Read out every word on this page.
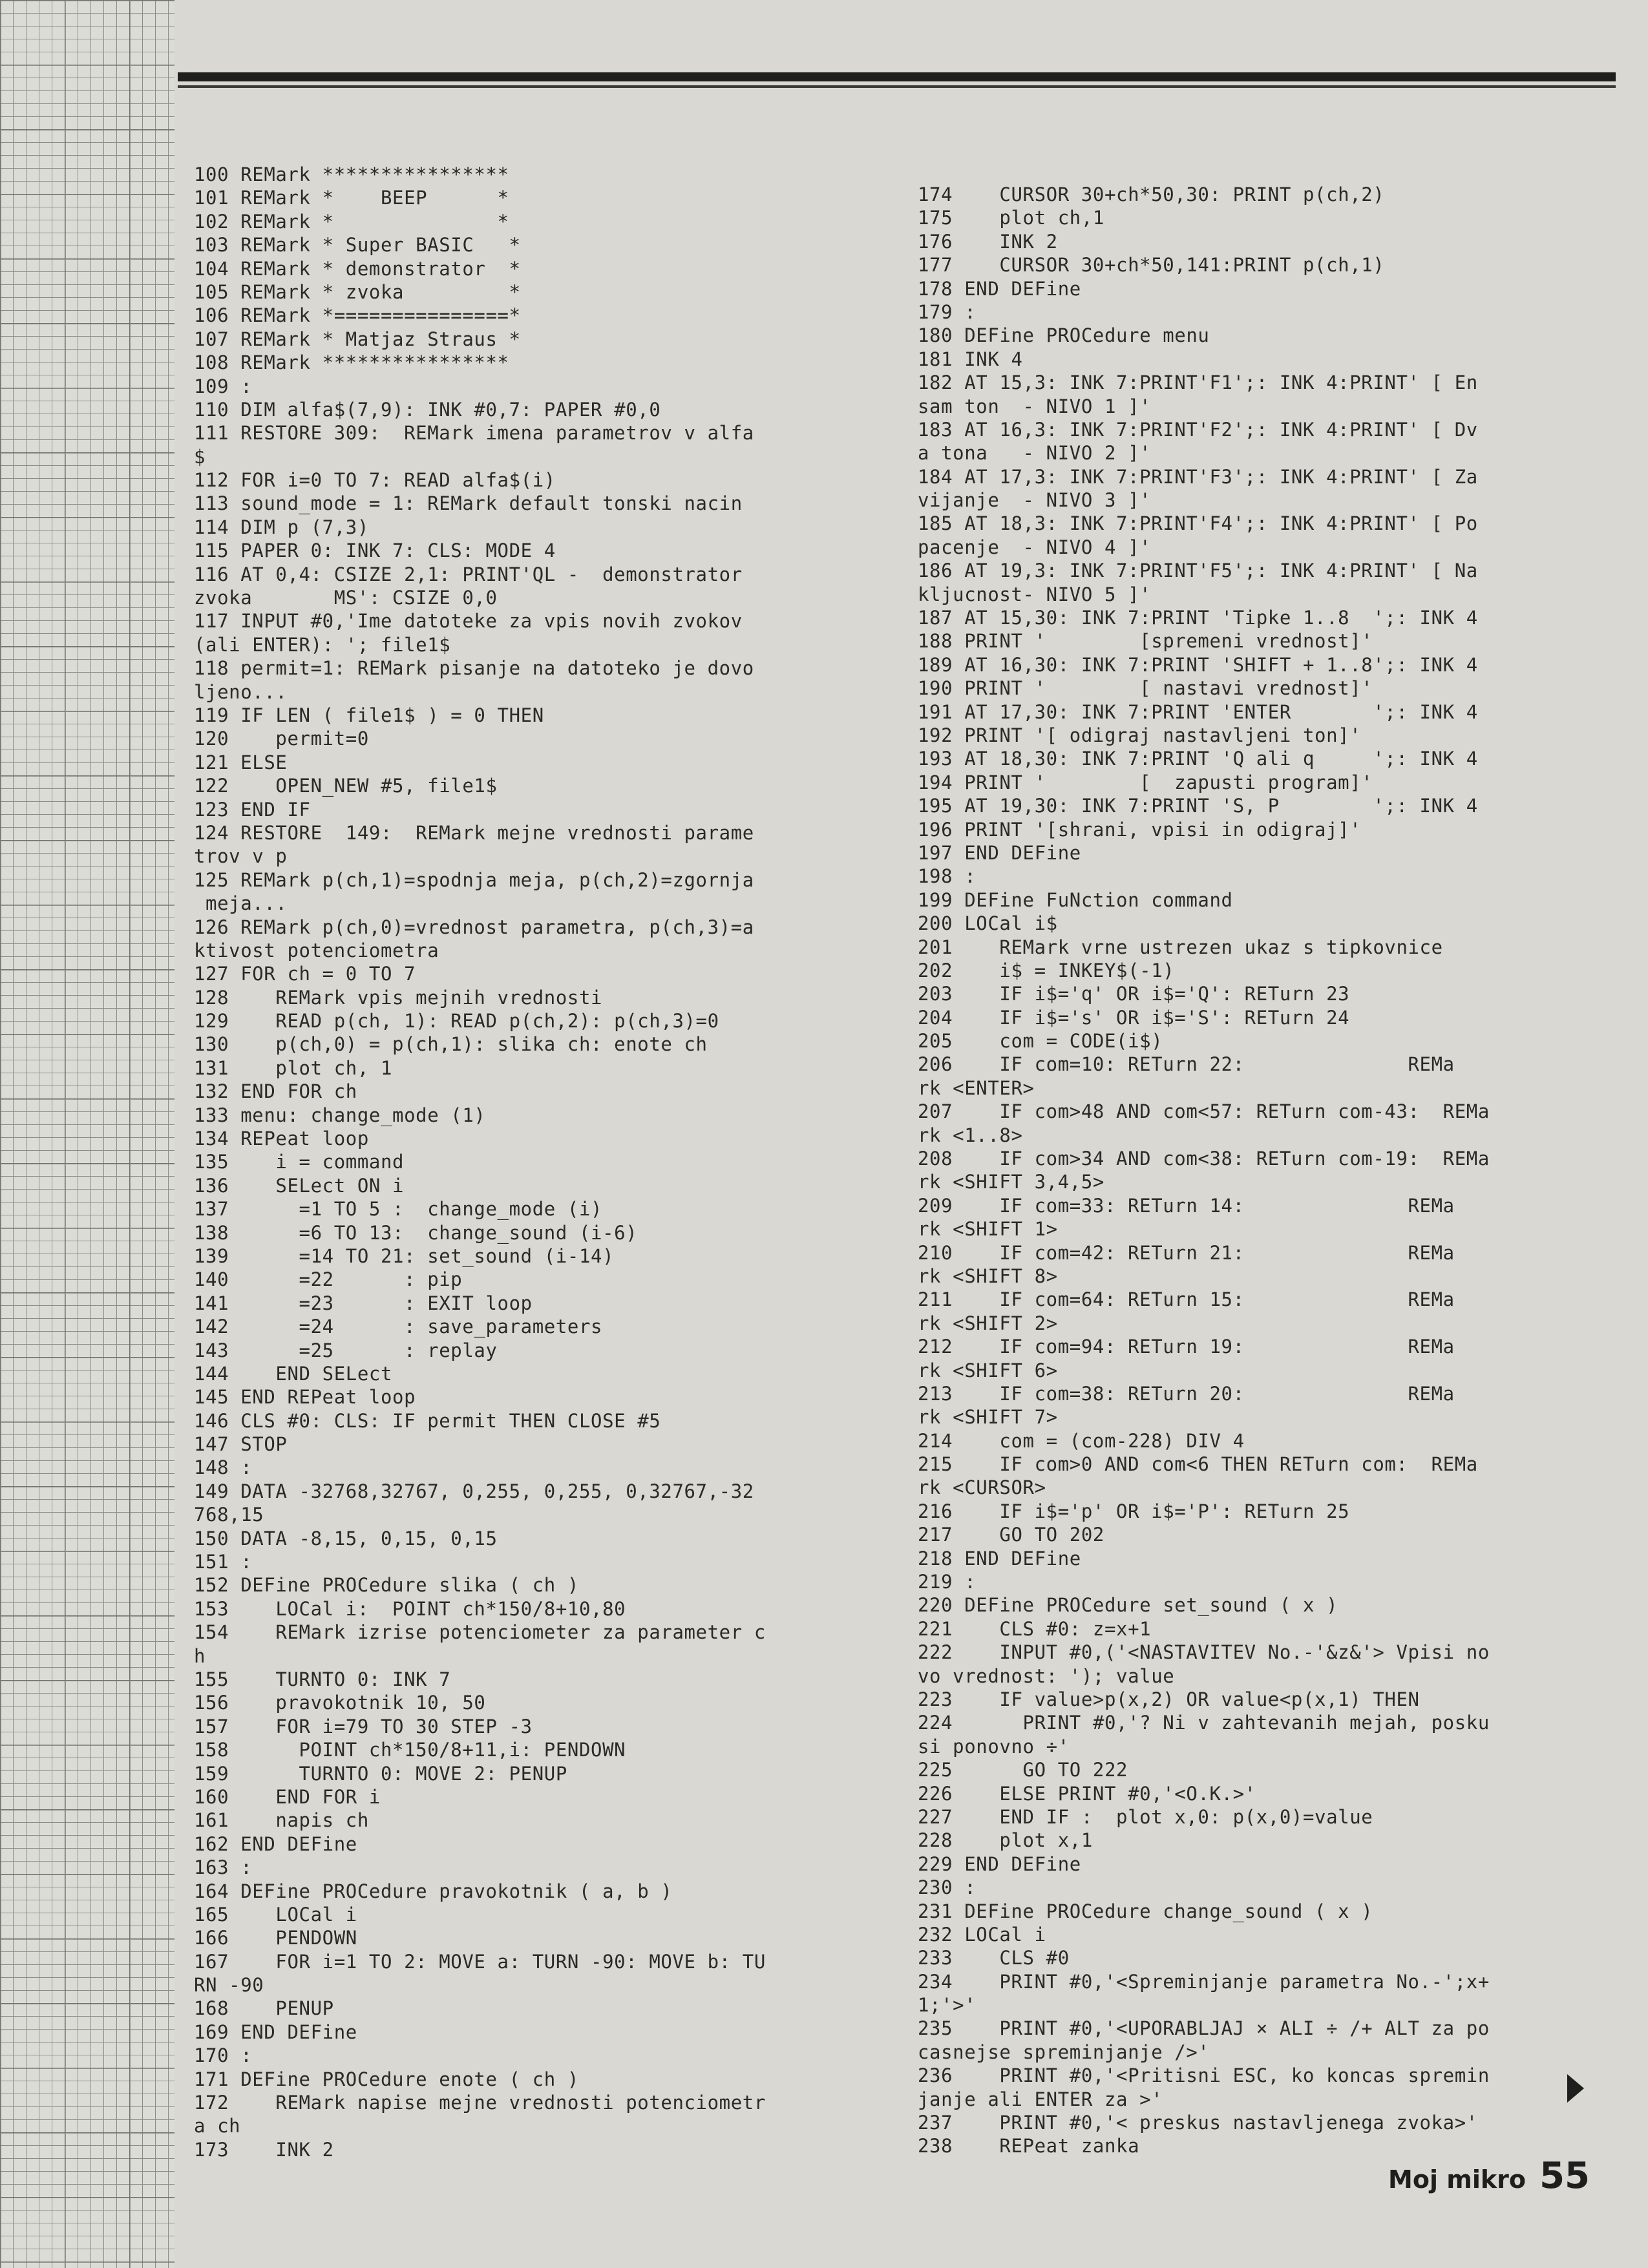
100 REMark ****************
101 REMark *    BEEP      *
102 REMark *              *
103 REMark * Super BASIC   *
104 REMark * demonstrator  *
105 REMark * zvoka         *
106 REMark *===============*
107 REMark * Matjaz Straus *
108 REMark ****************
109 :
110 DIM alfa$(7,9): INK #0,7: PAPER #0,0
111 RESTORE 309:  REMark imena parametrov v alfa
$
112 FOR i=0 TO 7: READ alfa$(i)
113 sound_mode = 1: REMark default tonski nacin
114 DIM p (7,3)
115 PAPER 0: INK 7: CLS: MODE 4
116 AT 0,4: CSIZE 2,1: PRINT'QL -  demonstrator
zvoka       MS': CSIZE 0,0
117 INPUT #0,'Ime datoteke za vpis novih zvokov
(ali ENTER): '; file1$
118 permit=1: REMark pisanje na datoteko je dovo
ljeno...
119 IF LEN ( file1$ ) = 0 THEN
120    permit=0
121 ELSE
122    OPEN_NEW #5, file1$
123 END IF
124 RESTORE  149:  REMark mejne vrednosti parame
trov v p
125 REMark p(ch,1)=spodnja meja, p(ch,2)=zgornja
meja...
126 REMark p(ch,0)=vrednost parametra, p(ch,3)=a
ktivost potenciometra
127 FOR ch = 0 TO 7
128    REMark vpis mejnih vrednosti
129    READ p(ch, 1): READ p(ch,2): p(ch,3)=0
130    p(ch,0) = p(ch,1): slika ch: enote ch
131    plot ch, 1
132 END FOR ch
133 menu: change_mode (1)
134 REPeat loop
135    i = command
136    SELect ON i
137      =1 TO 5 :  change_mode (i)
138      =6 TO 13:  change_sound (i-6)
139      =14 TO 21: set_sound (i-14)
140      =22      : pip
141      =23      : EXIT loop
142      =24      : save_parameters
143      =25      : replay
144    END SELect
145 END REPeat loop
146 CLS #0: CLS: IF permit THEN CLOSE #5
147 STOP
148 :
149 DATA -32768,32767, 0,255, 0,255, 0,32767,-32
768,15
150 DATA -8,15, 0,15, 0,15
151 :
152 DEFine PROCedure slika ( ch )
153    LOCal i:  POINT ch*150/8+10,80
154    REMark izrise potenciometer za parameter c
h
155    TURNTO 0: INK 7
156    pravokotnik 10, 50
157    FOR i=79 TO 30 STEP -3
158      POINT ch*150/8+11,i: PENDOWN
159      TURNTO 0: MOVE 2: PENUP
160    END FOR i
161    napis ch
162 END DEFine
163 :
164 DEFine PROCedure pravokotnik ( a, b )
165    LOCal i
166    PENDOWN
167    FOR i=1 TO 2: MOVE a: TURN -90: MOVE b: TU
RN -90
168    PENUP
169 END DEFine
170 :
171 DEFine PROCedure enote ( ch )
172    REMark napise mejne vrednosti potenciometr
a ch
173    INK 2
174    CURSOR 30+ch*50,30: PRINT p(ch,2)
175    plot ch,1
176    INK 2
177    CURSOR 30+ch*50,141:PRINT p(ch,1)
178 END DEFine
179 :
180 DEFine PROCedure menu
181 INK 4
182 AT 15,3: INK 7:PRINT'F1';: INK 4:PRINT' [ En
sam ton  - NIVO 1 ]'
183 AT 16,3: INK 7:PRINT'F2';: INK 4:PRINT' [ Dv
a tona   - NIVO 2 ]'
184 AT 17,3: INK 7:PRINT'F3';: INK 4:PRINT' [ Za
vijanje  - NIVO 3 ]'
185 AT 18,3: INK 7:PRINT'F4';: INK 4:PRINT' [ Po
pacenje  - NIVO 4 ]'
186 AT 19,3: INK 7:PRINT'F5';: INK 4:PRINT' [ Na
kljucnost- NIVO 5 ]'
187 AT 15,30: INK 7:PRINT 'Tipke 1..8  ';: INK 4
188 PRINT '        [spremeni vrednost]'
189 AT 16,30: INK 7:PRINT 'SHIFT + 1..8';: INK 4
190 PRINT '        [ nastavi vrednost]'
191 AT 17,30: INK 7:PRINT 'ENTER       ';: INK 4
192 PRINT '[ odigraj nastavljeni ton]'
193 AT 18,30: INK 7:PRINT 'Q ali q     ';: INK 4
194 PRINT '        [  zapusti program]'
195 AT 19,30: INK 7:PRINT 'S, P        ';: INK 4
196 PRINT '[shrani, vpisi in odigraj]'
197 END DEFine
198 :
199 DEFine FuNction command
200 LOCal i$
201    REMark vrne ustrezen ukaz s tipkovnice
202    i$ = INKEY$(-1)
203    IF i$='q' OR i$='Q': RETurn 23
204    IF i$='s' OR i$='S': RETurn 24
205    com = CODE(i$)
206    IF com=10: RETurn 22:              REMa
rk <ENTER>
207    IF com>48 AND com<57: RETurn com-43:  REMa
rk <1..8>
208    IF com>34 AND com<38: RETurn com-19:  REMa
rk <SHIFT 3,4,5>
209    IF com=33: RETurn 14:              REMa
rk <SHIFT 1>
210    IF com=42: RETurn 21:              REMa
rk <SHIFT 8>
211    IF com=64: RETurn 15:              REMa
rk <SHIFT 2>
212    IF com=94: RETurn 19:              REMa
rk <SHIFT 6>
213    IF com=38: RETurn 20:              REMa
rk <SHIFT 7>
214    com = (com-228) DIV 4
215    IF com>0 AND com<6 THEN RETurn com:  REMa
rk <CURSOR>
216    IF i$='p' OR i$='P': RETurn 25
217    GO TO 202
218 END DEFine
219 :
220 DEFine PROCedure set_sound ( x )
221    CLS #0: z=x+1
222    INPUT #0,('<NASTAVITEV No.-'&z&'> Vpisi no
vo vrednost: '); value
223    IF value>p(x,2) OR value<p(x,1) THEN
224      PRINT #0,'? Ni v zahtevanih mejah, posku
si ponovno ÷'
225      GO TO 222
226    ELSE PRINT #0,'<O.K.>'
227    END IF :  plot x,0: p(x,0)=value
228    plot x,1
229 END DEFine
230 :
231 DEFine PROCedure change_sound ( x )
232 LOCal i
233    CLS #0
234    PRINT #0,'<Spreminjanje parametra No.-';x+
1;'>'
235    PRINT #0,'<UPORABLJAJ × ALI ÷ /+ ALT za po
casnejse spreminjanje />'
236    PRINT #0,'<Pritisni ESC, ko koncas spremin
janje ali ENTER za >'
237    PRINT #0,'< preskus nastavljenega zvoka>'
238    REPeat zanka
Moj mikro 55
